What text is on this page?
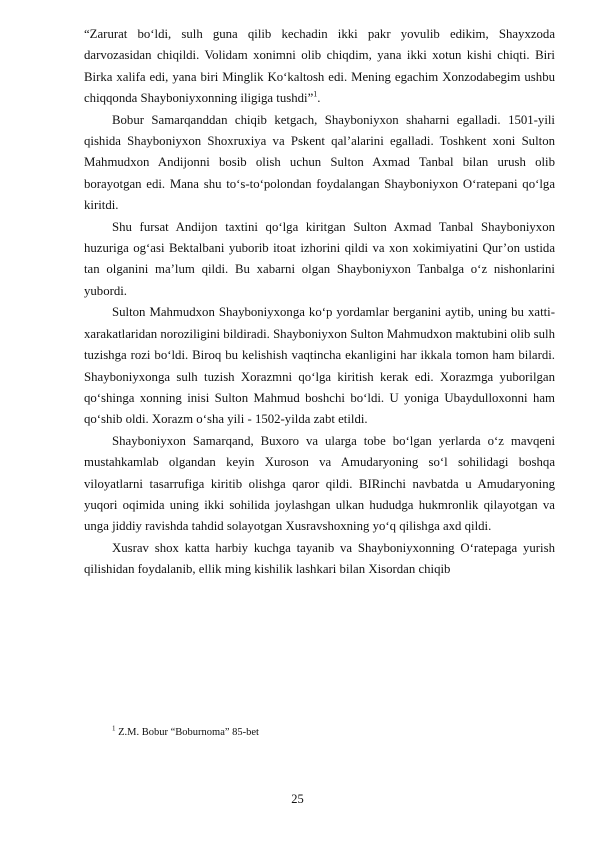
“Zarurat bo‘ldi, sulh guna qilib kechadin ikki pakr yovulib edikim, Shayxzoda darvozasidan chiqildi. Volidam xonimni olib chiqdim, yana ikki xotun kishi chiqti. Biri Birka xalifa edi, yana biri Minglik Ko‘kaltosh edi. Mening egachim Xonzodabegim ushbu chiqqonda Shayboniyxonning iligiga tushdi”$^1$.

Bobur Samarqanddan chiqib ketgach, Shayboniyxon shaharni egalladi. 1501-yili qishida Shayboniyxon Shoxruxiya va Pskent qal’alarini egalladi. Toshkent xoni Sulton Mahmudxon Andijonni bosib olish uchun Sulton Axmad Tanbal bilan urush olib borayotgan edi. Mana shu to‘s-to‘polondan foydalangan Shayboniyxon O‘ratepani qo‘lga kiritdi.

Shu fursat Andijon taxtini qo‘lga kiritgan Sulton Axmad Tanbal Shayboniyxon huzuriga og‘asi Bektalbani yuborib itoat izhorini qildi va xon xokimiyatini Qur’on ustida tan olganini ma’lum qildi. Bu xabarni olgan Shayboniyxon Tanbalga o‘z nishonlarini yubordi.

Sulton Mahmudxon Shayboniyxonga ko‘p yordamlar berganini aytib, uning bu xatti-xarakatlaridan noroziligini bildiradi. Shayboniyxon Sulton Mahmudxon maktubini olib sulh tuzishga rozi bo‘ldi. Biroq bu kelishish vaqtincha ekanligini har ikkala tomon ham bilardi. Shayboniyxonga sulh tuzish Xorazmni qo‘lga kiritish kerak edi. Xorazmga yuborilgan qo‘shinga xonning inisi Sulton Mahmud boshchi bo‘ldi. U yoniga Ubaydulloxonni ham qo‘shib oldi. Xorazm o‘sha yili - 1502-yilda zabt etildi.

Shayboniyxon Samarqand, Buxoro va ularga tobe bo‘lgan yerlarda o‘z mavqeni mustahkamlab olgandan keyin Xuroson va Amudaryoning so‘l sohilidagi boshqa viloyatlarni tasarrufiga kiritib olishga qaror qildi. BIRinchi navbatda u Amudaryoning yuqori oqimida uning ikki sohilida joylashgan ulkan hududga hukmronlik qilayotgan va unga jiddiy ravishda tahdid solayotgan Xusravshoxning yo‘q qilishga axd qildi.

Xusrav shox katta harbiy kuchga tayanib va Shayboniyxonning O‘ratepaga yurish qilishidan foydalanib, ellik ming kishilik lashkari bilan Xisordan chiqib

$^1$ Z.M. Bobur “Boburnoma” 85-bet
25
